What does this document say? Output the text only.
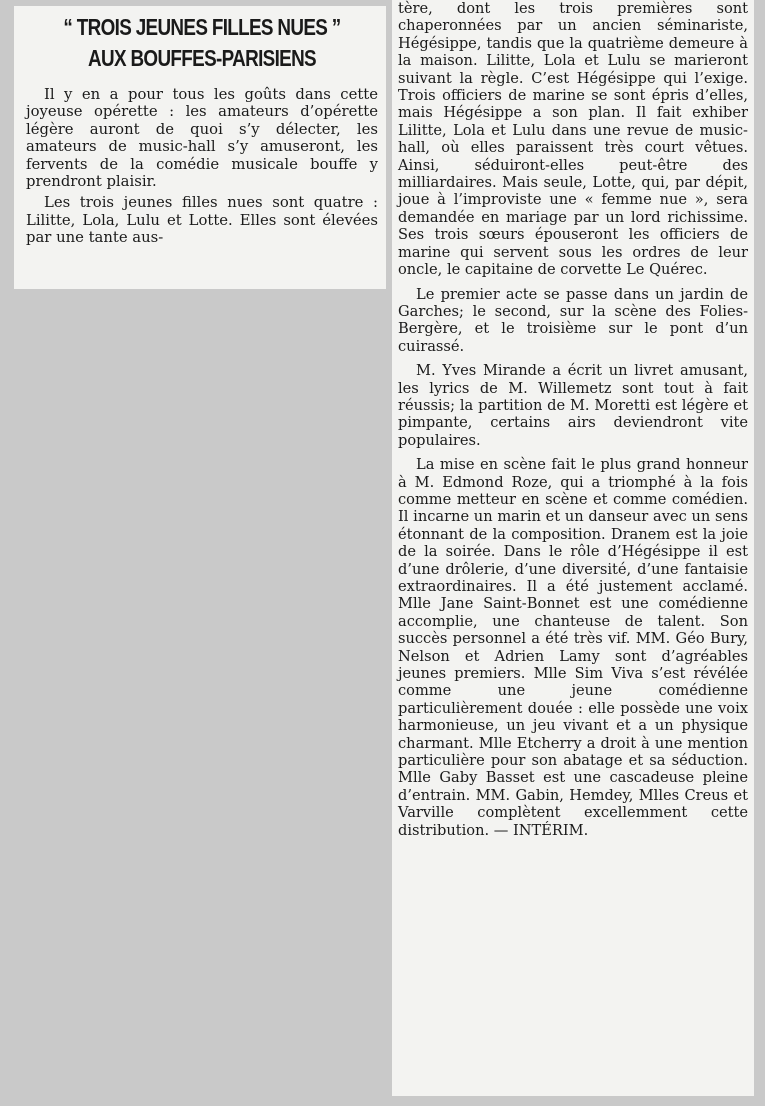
“ TROIS JEUNES FILLES NUES ”
AUX BOUFFES-PARISIENS

Il y en a pour tous les goûts dans cette joyeuse opérette : les amateurs d’opérette légère auront de quoi s’y délecter, les amateurs de music-hall s’y amuseront, les fervents de la comédie musicale bouffe y prendront plaisir.

Les trois jeunes filles nues sont quatre : Lilitte, Lola, Lulu et Lotte. Elles sont élevées par une tante aus-

tère, dont les trois premières sont chaperonnées par un ancien séminariste, Hégésippe, tandis que la quatrième demeure à la maison. Lilitte, Lola et Lulu se marieront suivant la règle. C’est Hégésippe qui l’exige. Trois officiers de marine se sont épris d’elles, mais Hégésippe a son plan. Il fait exhiber Lilitte, Lola et Lulu dans une revue de music-hall, où elles paraissent très court vêtues. Ainsi, séduiront-elles peut-être des milliardaires. Mais seule, Lotte, qui, par dépit, joue à l’improviste une « femme nue », sera demandée en mariage par un lord richissime. Ses trois sœurs épouseront les officiers de marine qui servent sous les ordres de leur oncle, le capitaine de corvette Le Quérec.

Le premier acte se passe dans un jardin de Garches; le second, sur la scène des Folies-Bergère, et le troisième sur le pont d’un cuirassé.

M. Yves Mirande a écrit un livret amusant, les lyrics de M. Willemetz sont tout à fait réussis; la partition de M. Moretti est légère et pimpante, certains airs deviendront vite populaires.

La mise en scène fait le plus grand honneur à M. Edmond Roze, qui a triomphé à la fois comme metteur en scène et comme comédien. Il incarne un marin et un danseur avec un sens étonnant de la composition. Dranem est la joie de la soirée. Dans le rôle d’Hégésippe il est d’une drôlerie, d’une diversité, d’une fantaisie extraordinaires. Il a été justement acclamé. Mlle Jane Saint-Bonnet est une comédienne accomplie, une chanteuse de talent. Son succès personnel a été très vif. MM. Géo Bury, Nelson et Adrien Lamy sont d’agréables jeunes premiers. Mlle Sim Viva s’est révélée comme une jeune comédienne particulièrement douée : elle possède une voix harmonieuse, un jeu vivant et a un physique charmant. Mlle Etcherry a droit à une mention particulière pour son abatage et sa séduction. Mlle Gaby Basset est une cascadeuse pleine d’entrain. MM. Gabin, Hemdey, Mlles Creus et Varville complètent excellemment cette distribution. — INTÉRIM.
